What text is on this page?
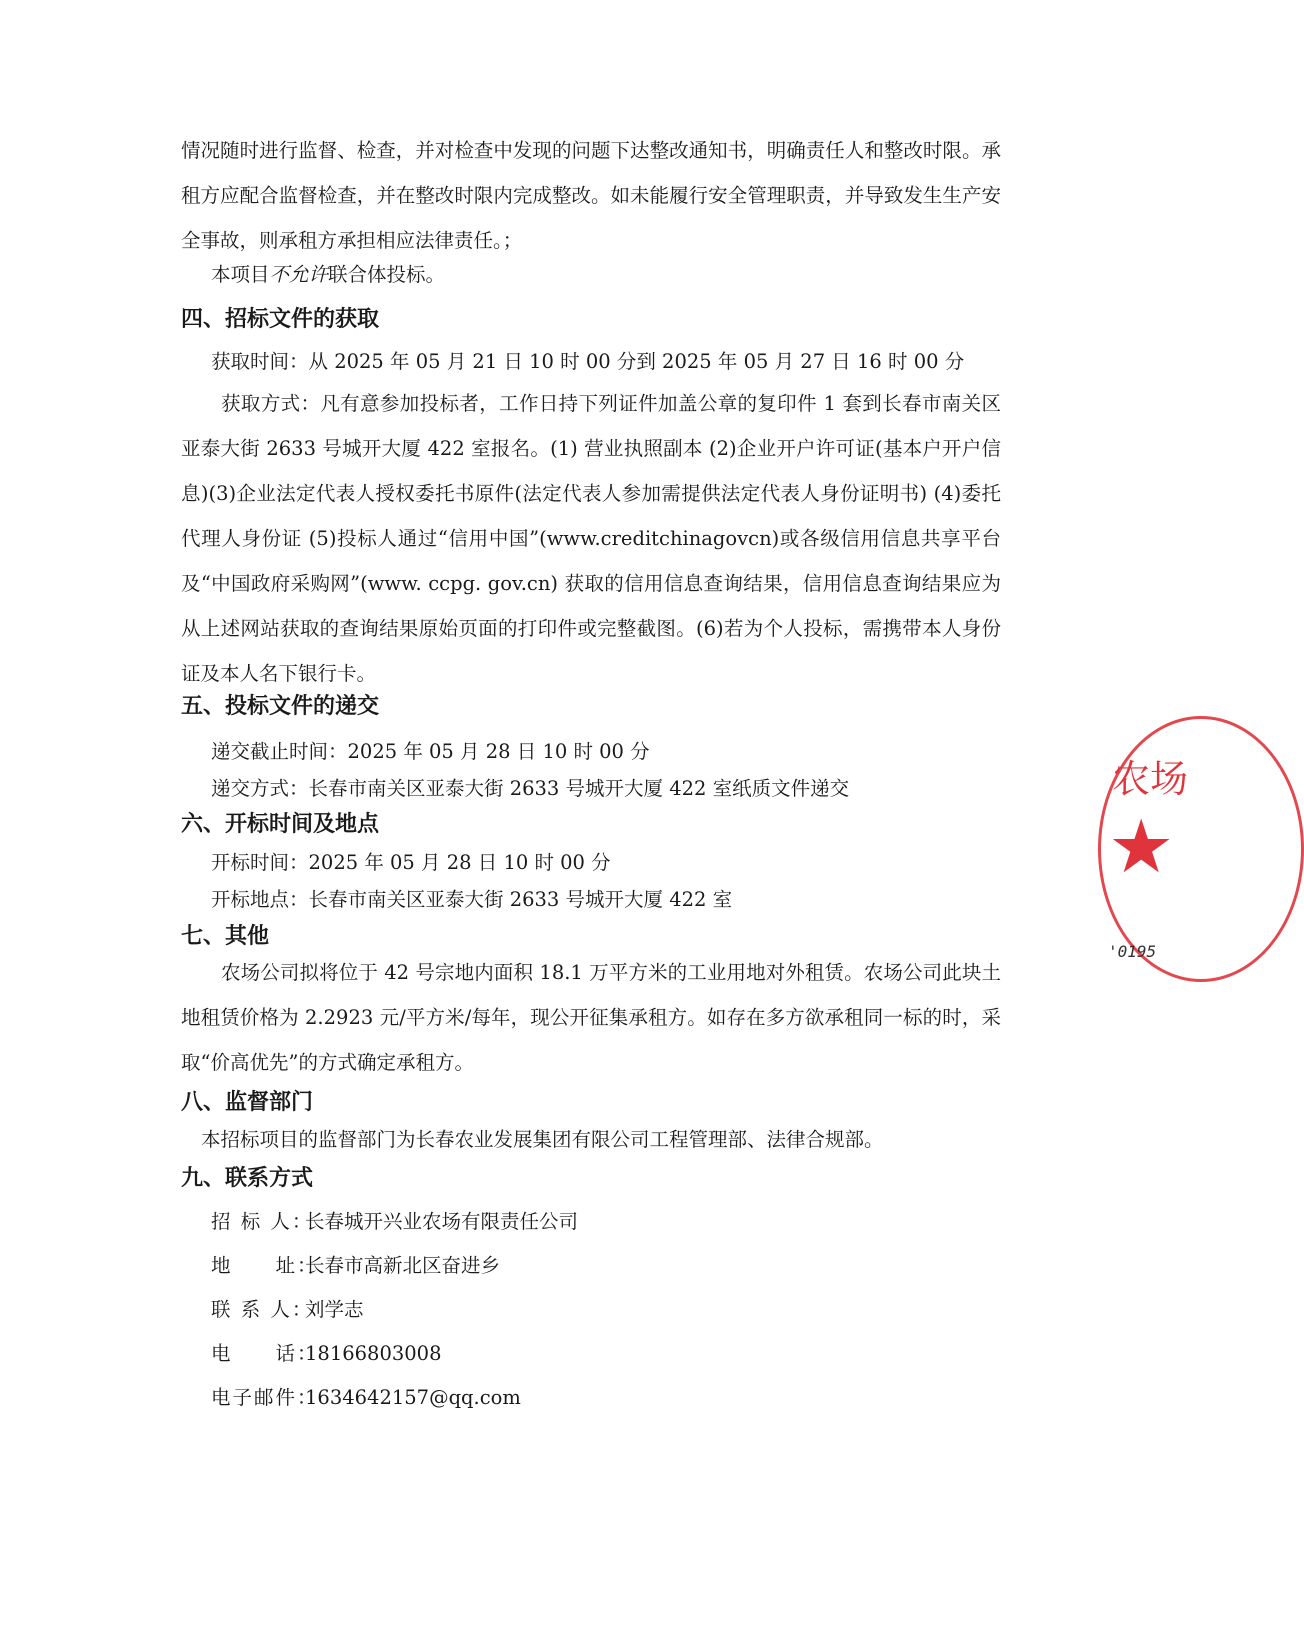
情况随时进行监督、检查，并对检查中发现的问题下达整改通知书，明确责任人和整改时限。承租方应配合监督检查，并在整改时限内完成整改。如未能履行安全管理职责，并导致发生生产安全事故，则承租方承担相应法律责任。；

本项目不允许联合体投标。

四、招标文件的获取

获取时间：从 2025 年 05 月 21 日 10 时 00 分到 2025 年 05 月 27 日 16 时 00 分

获取方式：凡有意参加投标者，工作日持下列证件加盖公章的复印件 1 套到长春市南关区亚泰大街 2633 号城开大厦 422 室报名。(1) 营业执照副本 (2)企业开户许可证(基本户开户信息)(3)企业法定代表人授权委托书原件(法定代表人参加需提供法定代表人身份证明书) (4)委托代理人身份证 (5)投标人通过“信用中国”(www.creditchinagovcn)或各级信用信息共享平台及“中国政府采购网”(www. ccpg. gov.cn) 获取的信用信息查询结果，信用信息查询结果应为从上述网站获取的查询结果原始页面的打印件或完整截图。(6)若为个人投标，需携带本人身份证及本人名下银行卡。

五、投标文件的递交

递交截止时间：2025 年 05 月 28 日 10 时 00 分

递交方式：长春市南关区亚泰大街 2633 号城开大厦 422 室纸质文件递交

六、开标时间及地点

开标时间：2025 年 05 月 28 日 10 时 00 分

开标地点：长春市南关区亚泰大街 2633 号城开大厦 422 室

七、其他

农场公司拟将位于 42 号宗地内面积 18.1 万平方米的工业用地对外租赁。农场公司此块土地租赁价格为 2.2923 元/平方米/每年，现公开征集承租方。如存在多方欲承租同一标的时，采取“价高优先”的方式确定承租方。

八、监督部门

本招标项目的监督部门为长春农业发展集团有限公司工程管理部、法律合规部。

九、联系方式
招 标 人：长春城开兴业农场有限责任公司
地　　址：长春市高新北区奋进乡
联 系 人：刘学志
电　　话：18166803008
电子邮件：1634642157@qq.com
农场
★
'0195
